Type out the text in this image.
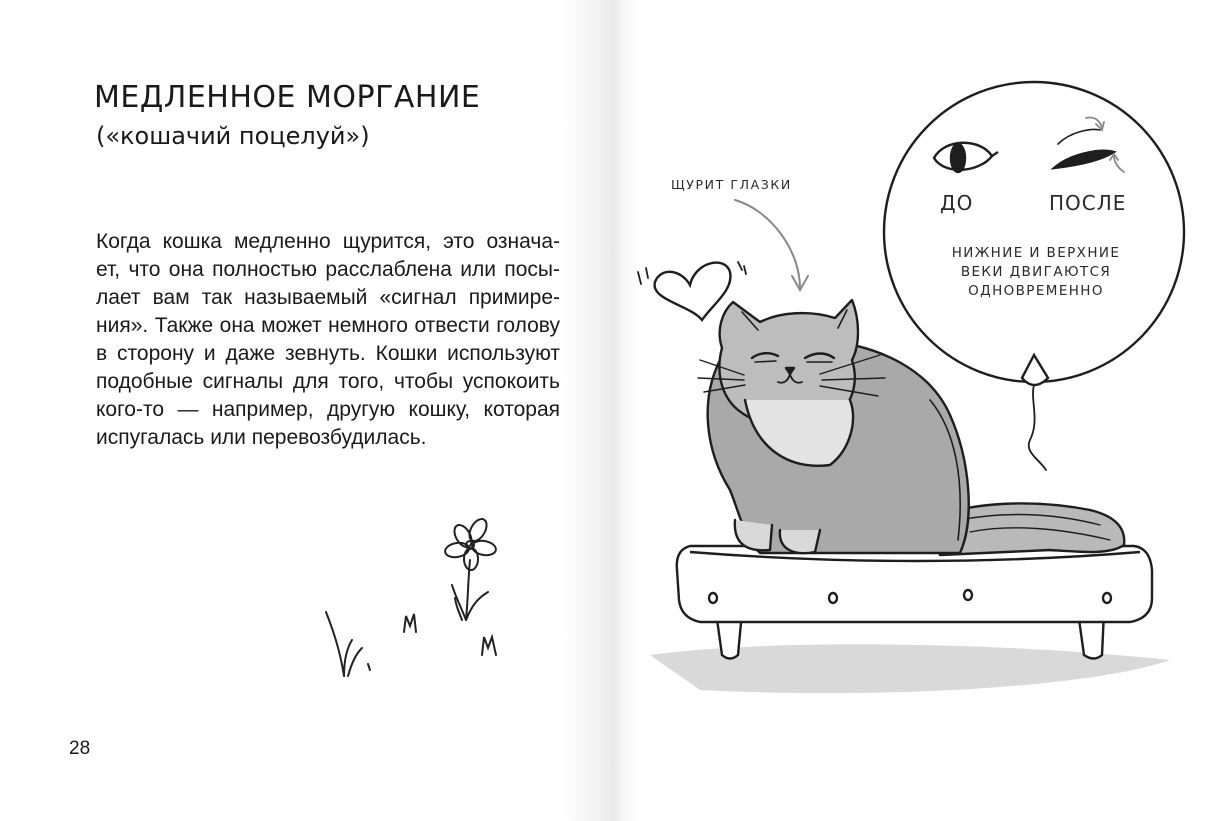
МЕДЛЕННОЕ МОРГАНИЕ
(«кошачий поцелуй»)
Когда кошка медленно щурится, это означа-
ет, что она полностью расслаблена или посы-
лает вам так называемый «сигнал примире-
ния». Также она может немного отвести голову
в сторону и даже зевнуть. Кошки используют
подобные сигналы для того, чтобы успокоить
кого-то — например, другую кошку, которая
испугалась или перевозбудилась.
28
ЩУРИТ ГЛАЗКИ
ДО	ПОСЛЕ
НИЖНИЕ И ВЕРХНИЕ
ВЕКИ ДВИГАЮТСЯ
ОДНОВРЕМЕННО
